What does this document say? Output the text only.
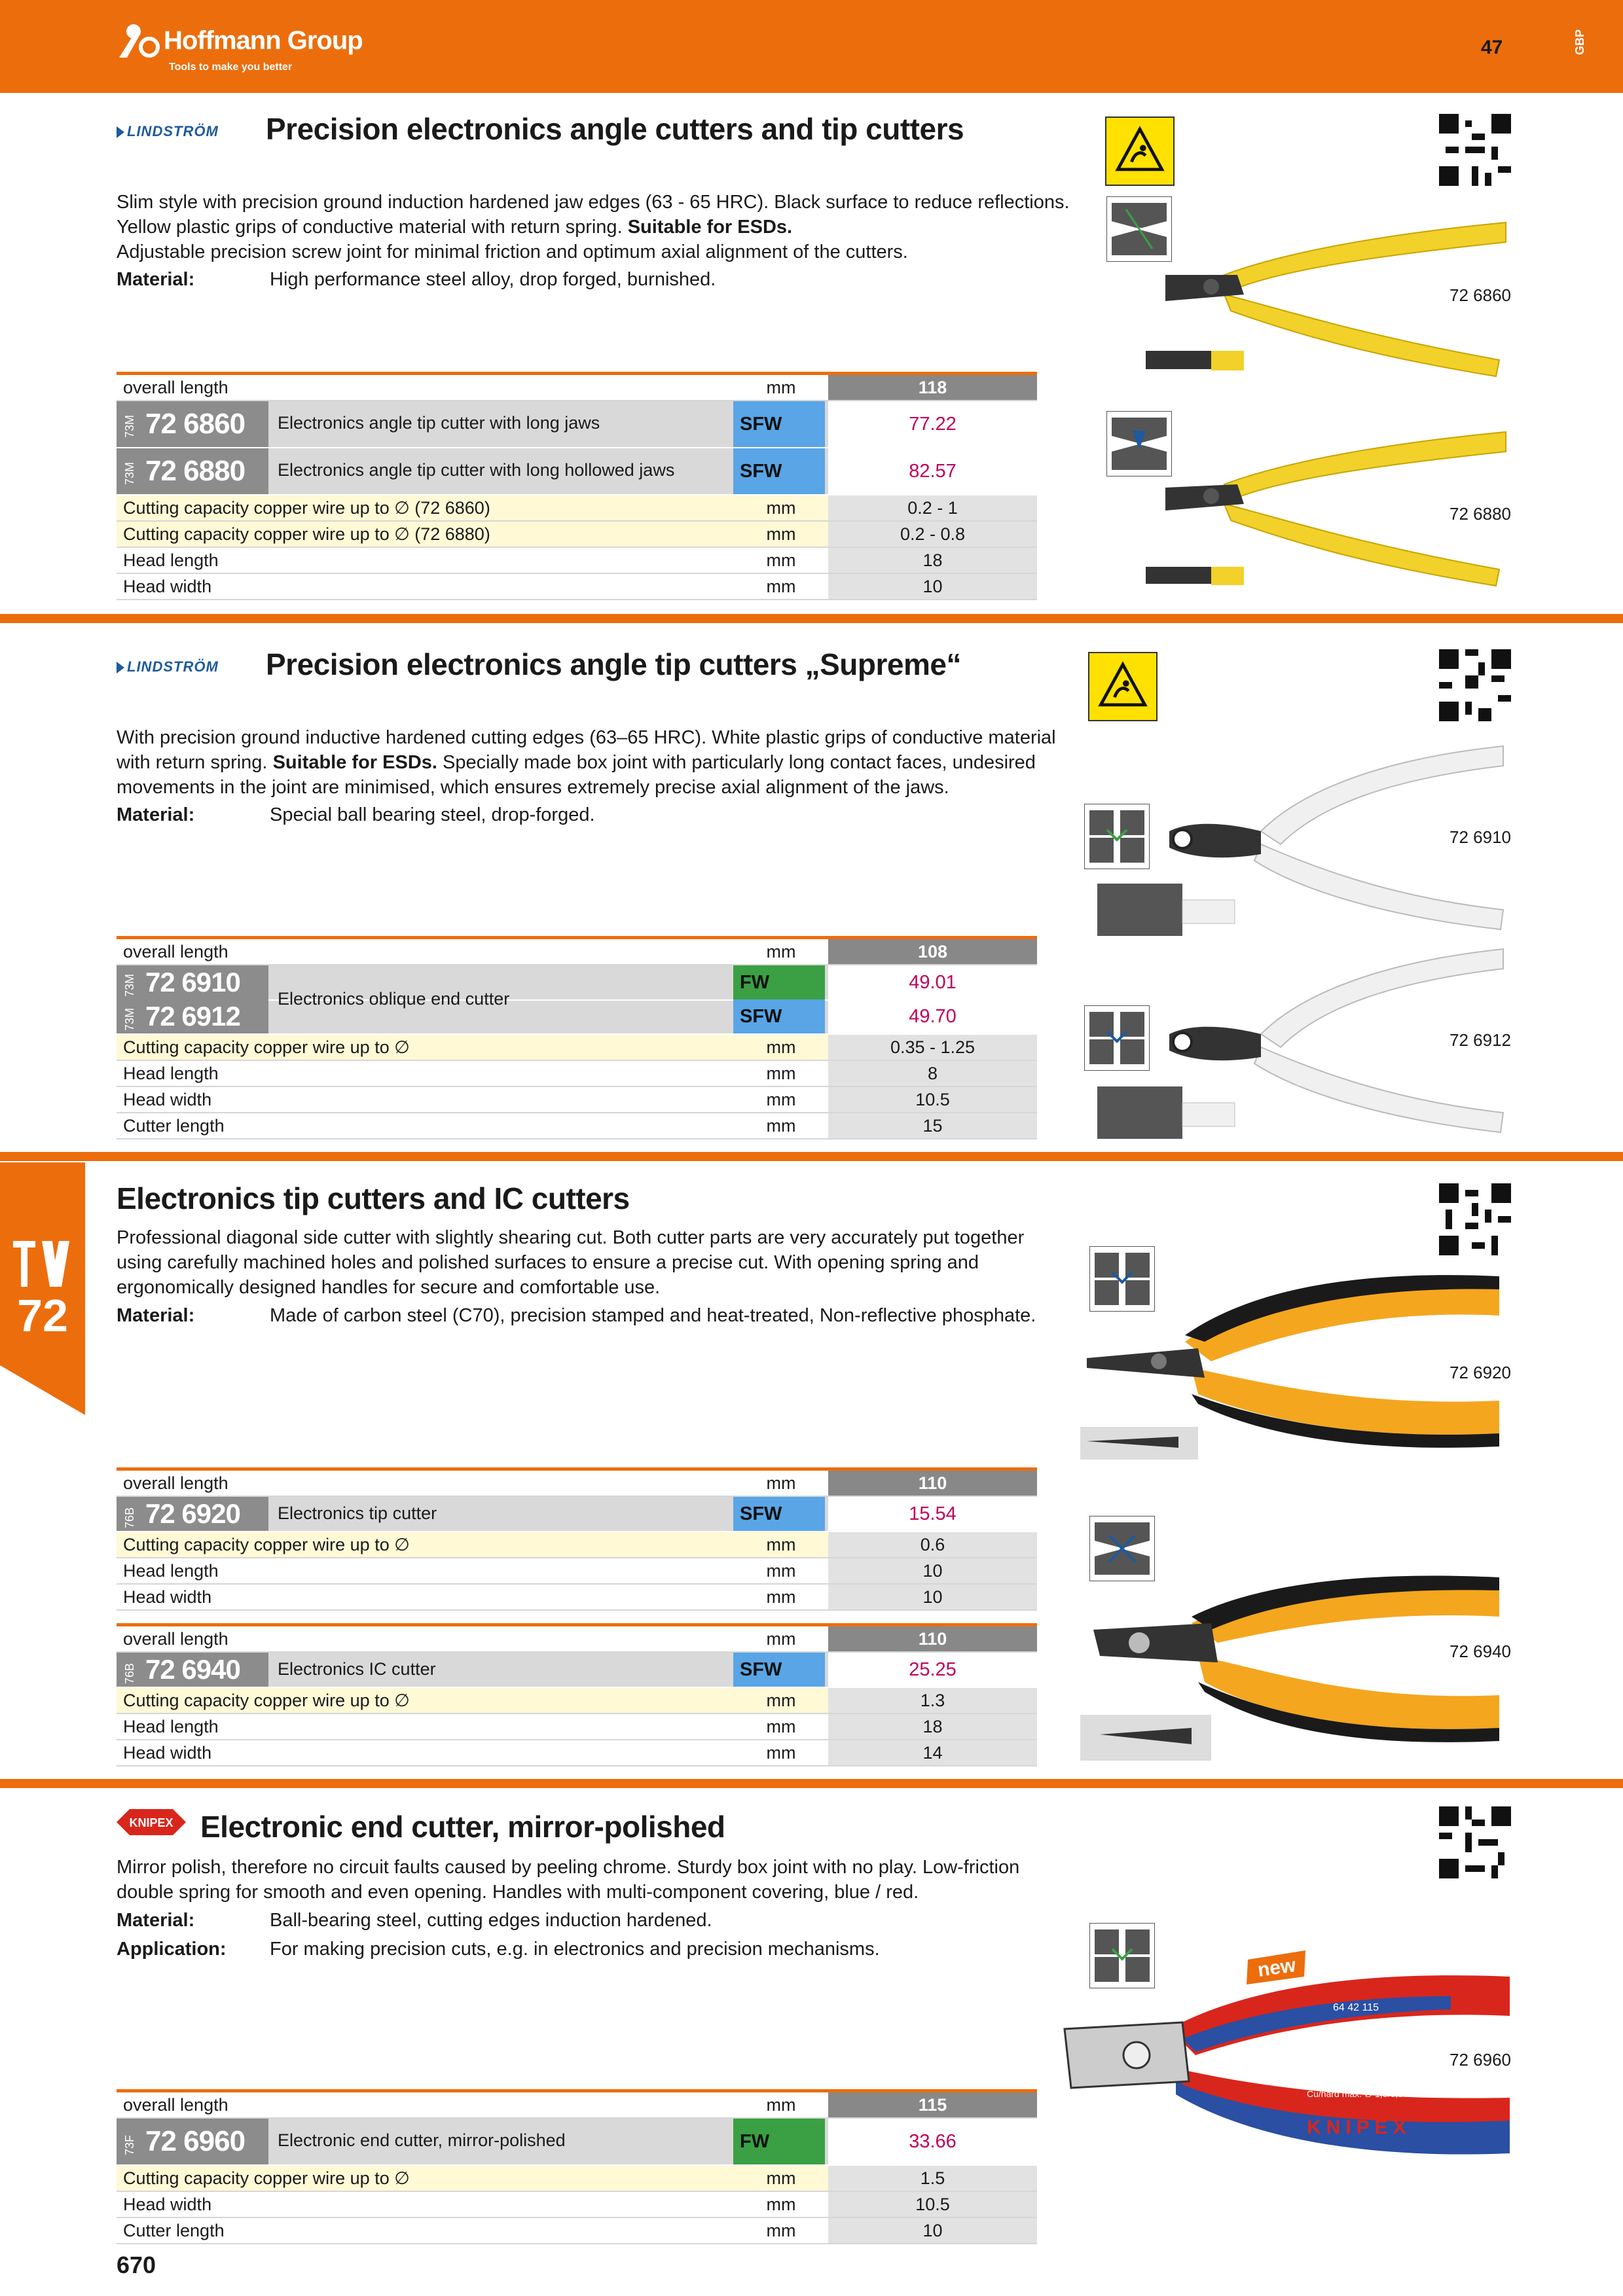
Hoffmann Group
Tools to make you better
47	GBP
LINDSTRÖM Precision electronics angle cutters and tip cutters
Slim style with precision ground induction hardened jaw edges (63 - 65 HRC). Black surface to reduce reflections.
Yellow plastic grips of conductive material with return spring. Suitable for ESDs.
Adjustable precision screw joint for minimal friction and optimum axial alignment of the cutters.
Material:	High performance steel alloy, drop forged, burnished.
overall length	mm	118
73M 72 6860 Electronics angle tip cutter with long jaws	SFW	77.22
73M 72 6880 Electronics angle tip cutter with long hollowed jaws	SFW	82.57
Cutting capacity copper wire up to ∅ (72 6860)	mm	0.2 - 1
Cutting capacity copper wire up to ∅ (72 6880)	mm	0.2 - 0.8
Head length	mm	18
Head width	mm	10
72 6860
72 6880
LINDSTRÖM Precision electronics angle tip cutters „Supreme“
With precision ground inductive hardened cutting edges (63–65 HRC). White plastic grips of conductive material
with return spring. Suitable for ESDs. Specially made box joint with particularly long contact faces, undesired
movements in the joint are minimised, which ensures extremely precise axial alignment of the jaws.
Material:	Special ball bearing steel, drop-forged.
overall length	mm	108
73M 72 6910	FW	49.01
73M 72 6912	SFW	49.70
Electronics oblique end cutter
Cutting capacity copper wire up to ∅	mm	0.35 - 1.25
Head length	mm	8
Head width	mm	10.5
Cutter length	mm	15
72 6910
72 6912
72
Electronics tip cutters and IC cutters
Professional diagonal side cutter with slightly shearing cut. Both cutter parts are very accurately put together
using carefully machined holes and polished surfaces to ensure a precise cut. With opening spring and
ergonomically designed handles for secure and comfortable use.
Material:	Made of carbon steel (C70), precision stamped and heat-treated, Non-reflective phosphate.
overall length	mm	110
76B 72 6920 Electronics tip cutter	SFW	15.54
Cutting capacity copper wire up to ∅	mm	0.6
Head length	mm	10
Head width	mm	10
overall length	mm	110
76B 72 6940 Electronics IC cutter	SFW	25.25
Cutting capacity copper wire up to ∅	mm	1.3
Head length	mm	18
Head width	mm	14
72 6920
72 6940
KNIPEX Electronic end cutter, mirror-polished
Mirror polish, therefore no circuit faults caused by peeling chrome. Sturdy box joint with no play. Low-friction
double spring for smooth and even opening. Handles with multi-component covering, blue / red.
Material:	Ball-bearing steel, cutting edges induction hardened.
Application: For making precision cuts, e.g. in electronics and precision mechanisms.
overall length	mm	115
73F 72 6960 Electronic end cutter, mirror-polished	FW	33.66
Cutting capacity copper wire up to ∅	mm	1.5
Head width	mm	10.5
Cutter length	mm	10
new
64 42 115
Cu/hard max. ∅ 1,5/0,5 mm
KNIPEX
72 6960
670
